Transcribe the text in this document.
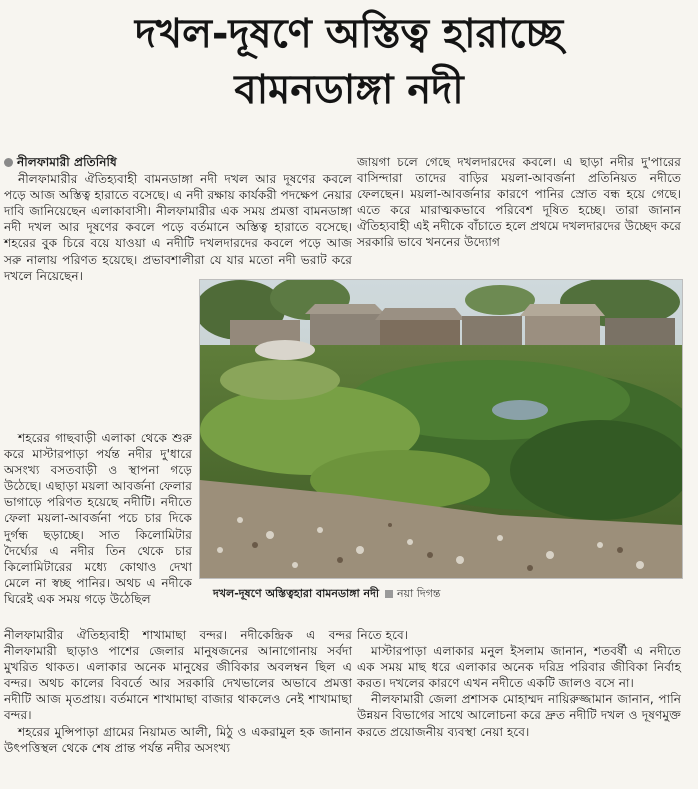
দখল-দূষণে অস্তিত্ব হারাচ্ছে
বামনডাঙ্গা নদী
নীলফামারী প্রতিনিধি

নীলফামারীর ঐতিহ্যবাহী বামনডাঙ্গা নদী দখল আর দূষণের কবলে পড়ে আজ অস্তিত্ব হারাতে বসেছে। এ নদী রক্ষায় কার্যকরী পদক্ষেপ নেয়ার দাবি জানিয়েছেন এলাকাবাসী। নীলফামারীর এক সময় প্রমত্তা বামনডাঙ্গা নদী দখল আর দূষণের কবলে পড়ে বর্তমানে অস্তিত্ব হারাতে বসেছে। শহরের বুক চিরে বয়ে যাওয়া এ নদীটি দখলদারদের কবলে পড়ে আজ সরু নালায় পরিণত হয়েছে। প্রভাবশালীরা যে যার মতো নদী ভরাট করে দখলে নিয়েছেন।

শহরের গাছবাড়ী এলাকা থেকে শুরু করে মাস্টারপাড়া পর্যন্ত নদীর দু'ধারে অসংখ্য বসতবাড়ী ও স্থাপনা গড়ে উঠেছে। এছাড়া ময়লা আবর্জনা ফেলার ভাগাড়ে পরিণত হয়েছে নদীটি। নদীতে ফেলা ময়লা-আবর্জনা পচে চার দিকে দুর্গন্ধ ছড়াচ্ছে। সাত কিলোমিটার দৈর্ঘ্যের এ নদীর তিন থেকে চার কিলোমিটারের মধ্যে কোথাও দেখা মেলে না স্বচ্ছ পানির। অথচ এ নদীকে ঘিরেই এক সময় গড়ে উঠেছিল

জায়গা চলে গেছে দখলদারদের কবলে। এ ছাড়া নদীর দু'পারের বাসিন্দারা তাদের বাড়ির ময়লা-আবর্জনা প্রতিনিয়ত নদীতে ফেলছেন। ময়লা-আবর্জনার কারণে পানির স্রোত বন্ধ হয়ে গেছে। এতে করে মারাত্মকভাবে পরিবেশ দূষিত হচ্ছে। তারা জানান ঐতিহ্যবাহী এই নদীকে বাঁচাতে হলে প্রথমে দখলদারদের উচ্ছেদ করে সরকারি ভাবে খননের উদ্যোগ

দখল-দূষণে অস্তিত্বহারা বামনডাঙ্গা নদী নয়া দিগন্ত

নীলফামারীর ঐতিহ্যবাহী শাখামাছা বন্দর। নদীকেন্দ্রিক এ বন্দর নীলফামারী ছাড়াও পাশের জেলার মানুষজনের আনাগোনায় সর্বদা মুখরিত থাকত। এলাকার অনেক মানুষের জীবিকার অবলম্বন ছিল এ বন্দর। অথচ কালের বিবর্তে আর সরকারি দেখভালের অভাবে প্রমত্তা নদীটি আজ মৃতপ্রায়। বর্তমানে শাখামাছা বাজার থাকলেও নেই শাখামাছা বন্দর।

শহরের মুন্সিপাড়া গ্রামের নিয়ামত আলী, মিঠু ও একরামুল হক জানান উৎপত্তিস্থল থেকে শেষ প্রান্ত পর্যন্ত নদীর অসংখ্য

নিতে হবে।

মাস্টারপাড়া এলাকার মনুল ইসলাম জানান, শতবর্ষী এ নদীতে এক সময় মাছ ধরে এলাকার অনেক দরিদ্র পরিবার জীবিকা নির্বাহ করত। দখলের কারণে এখন নদীতে একটি জালও বসে না।

নীলফামারী জেলা প্রশাসক মোহাম্মদ নায়িরুজ্জামান জানান, পানি উন্নয়ন বিভাগের সাথে আলোচনা করে দ্রুত নদীটি দখল ও দূষণমুক্ত করতে প্রয়োজনীয় ব্যবস্থা নেয়া হবে।
